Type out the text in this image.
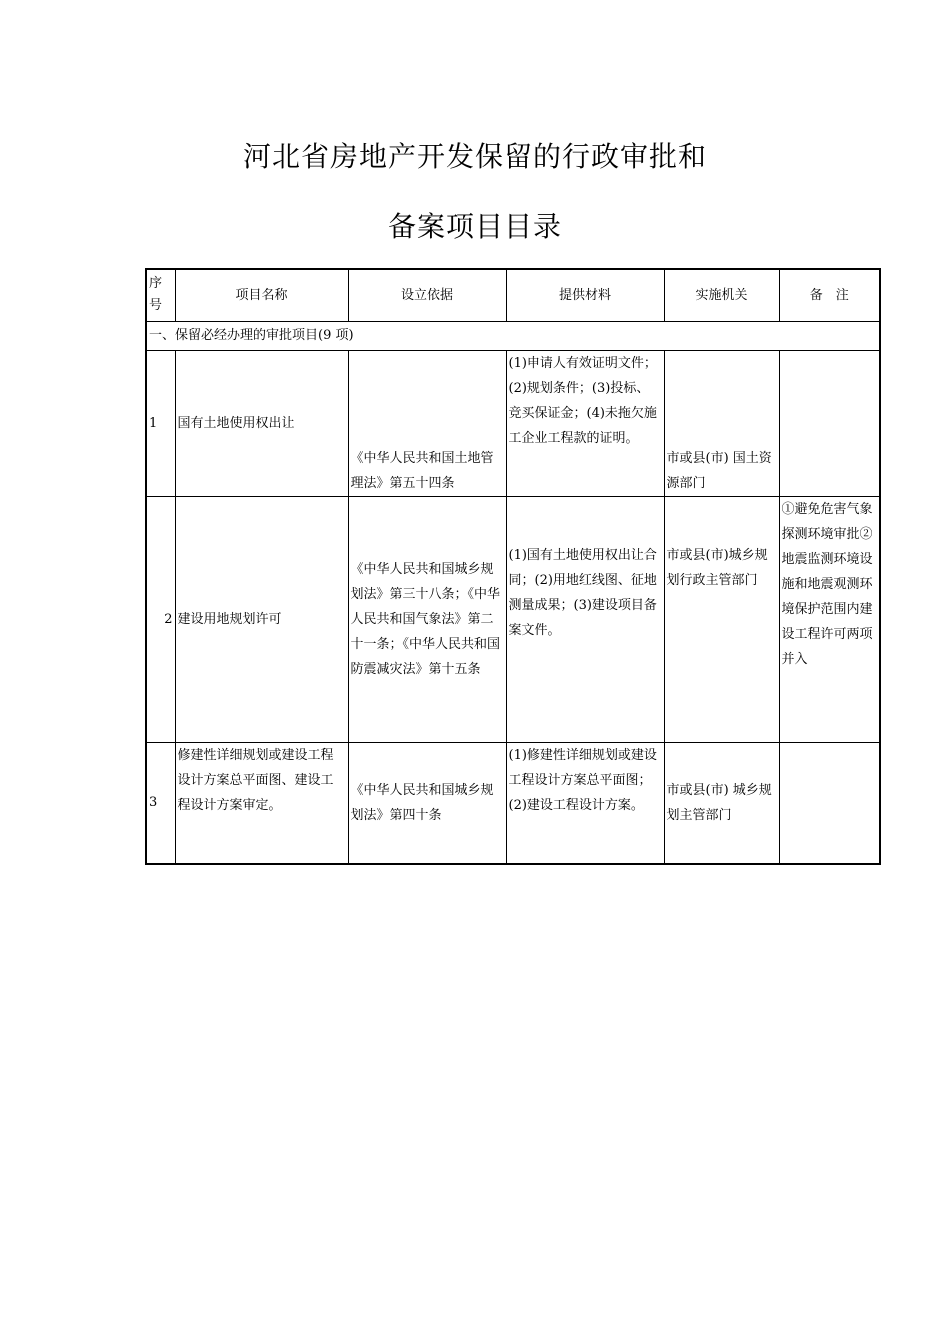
河北省房地产开发保留的行政审批和
备案项目目录
序号	项目名称	设立依据	提供材料	实施机关	备　注
一、保留必经办理的审批项目(9 项)					
1	国有土地使用权出让	《中华人民共和国土地管理法》第五十四条	(1)申请人有效证明文件；(2)规划条件；(3)投标、竞买保证金；(4)未拖欠施工企业工程款的证明。	市或县(市) 国土资源部门	
2	建设用地规划许可	《中华人民共和国城乡规划法》第三十八条；《中华人民共和国气象法》第二十一条；《中华人民共和国防震减灾法》第十五条	(1)国有土地使用权出让合同；(2)用地红线图、征地测量成果；(3)建设项目备案文件。	市或县(市)城乡规划行政主管部门	①避免危害气象探测环境审批②地震监测环境设施和地震观测环境保护范围内建设工程许可两项并入
3	修建性详细规划或建设工程设计方案总平面图、建设工程设计方案审定。	《中华人民共和国城乡规划法》第四十条	(1)修建性详细规划或建设工程设计方案总平面图；(2)建设工程设计方案。	市或县(市) 城乡规划主管部门	
